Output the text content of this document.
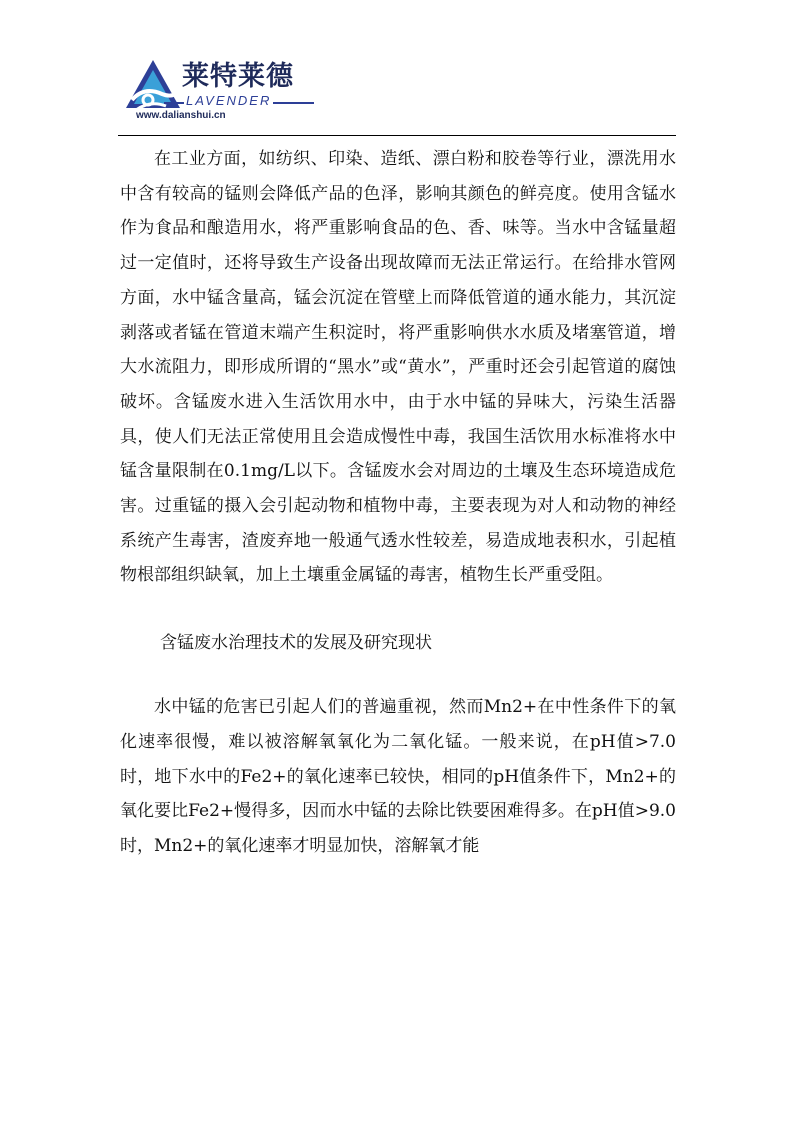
莱特莱德
LAVENDER
www.dalianshui.cn

在工业方面，如纺织、印染、造纸、漂白粉和胶卷等行业，漂洗用水中含有较高的锰则会降低产品的色泽，影响其颜色的鲜亮度。使用含锰水作为食品和酿造用水，将严重影响食品的色、香、味等。当水中含锰量超过一定值时，还将导致生产设备出现故障而无法正常运行。在给排水管网方面，水中锰含量高，锰会沉淀在管壁上而降低管道的通水能力，其沉淀剥落或者锰在管道末端产生积淀时，将严重影响供水水质及堵塞管道，增大水流阻力，即形成所谓的“黑水”或“黄水”，严重时还会引起管道的腐蚀破坏。含锰废水进入生活饮用水中，由于水中锰的异味大，污染生活器具，使人们无法正常使用且会造成慢性中毒，我国生活饮用水标准将水中锰含量限制在0.1mg/L以下。含锰废水会对周边的土壤及生态环境造成危害。过重锰的摄入会引起动物和植物中毒，主要表现为对人和动物的神经系统产生毒害，渣废弃地一般通气透水性较差，易造成地表积水，引起植物根部组织缺氧，加上土壤重金属锰的毒害，植物生长严重受阻。

含锰废水治理技术的发展及研究现状

水中锰的危害已引起人们的普遍重视，然而Mn2+在中性条件下的氧化速率很慢，难以被溶解氧氧化为二氧化锰。一般来说，在pH值>7.0时，地下水中的Fe2+的氧化速率已较快，相同的pH值条件下，Mn2+的氧化要比Fe2+慢得多，因而水中锰的去除比铁要困难得多。在pH值>9.0时，Mn2+的氧化速率才明显加快，溶解氧才能
